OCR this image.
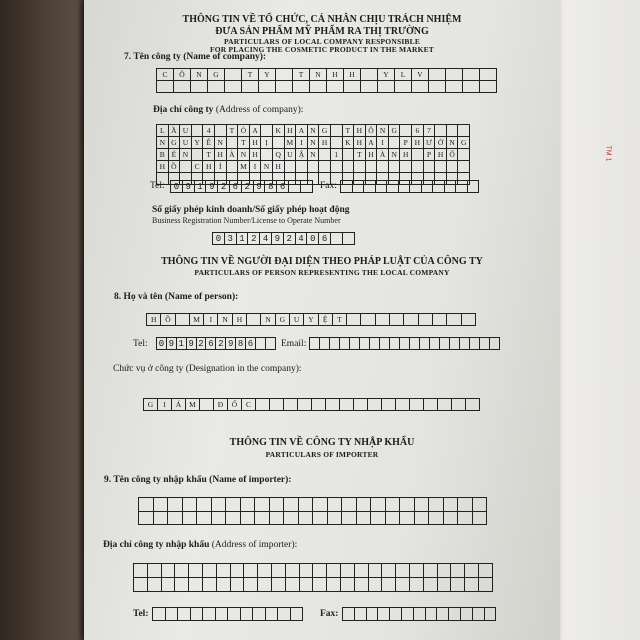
ТМ 1
THÔNG TIN VỀ TỔ CHỨC, CÁ NHÂN CHỊU TRÁCH NHIỆM
ĐƯA SẢN PHẨM MỸ PHẨM RA THỊ TRƯỜNG
PARTICULARS OF LOCAL COMPANY RESPONSIBLE
FOR PLACING THE COSMETIC PRODUCT IN THE MARKET
7. Tên công ty (Name of company):
C	Ô	N	G	T	Y	T	N	H	H	Y	L	V
Địa chỉ công ty (Address of company):
L Ầ U	4	T Ò A	K H A N G	T H Ô N G	6	7
N G U Y Ễ N	T H	Ị	M I	N H	K H A	I	P H Ư Ờ N G
B Ế N	T H À N H	Q U Ậ N	1	T H À N H	P H Ố
H Ồ	C H	Í	M I	N H
Tel: 0 9 1 9 2 6 2 9 8 6	Fax:
Số giấy phép kinh doanh/Số giấy phép hoạt động
Business Registration Number/License to Operate Number
0 3 1 2 4 9 2 4 0 6
THÔNG TIN VỀ NGƯỜI ĐẠI DIỆN THEO PHÁP LUẬT CỦA CÔNG TY
PARTICULARS OF PERSON REPRESENTING THE LOCAL COMPANY
8. Họ và tên (Name of person):
H	Ồ	M	I	N	H	N	G	U	Y	Ệ	T
Tel: 0 9 1 9 2 6 2 9 8 6	Email:
Chức vụ ở công ty (Designation in the company):
G	I	Á	M	Đ	Ố	C
THÔNG TIN VỀ CÔNG TY NHẬP KHẨU
PARTICULARS OF IMPORTER
9. Tên công ty nhập khẩu (Name of importer):
Địa chỉ công ty nhập khẩu (Address of importer):
Tel:	Fax:
